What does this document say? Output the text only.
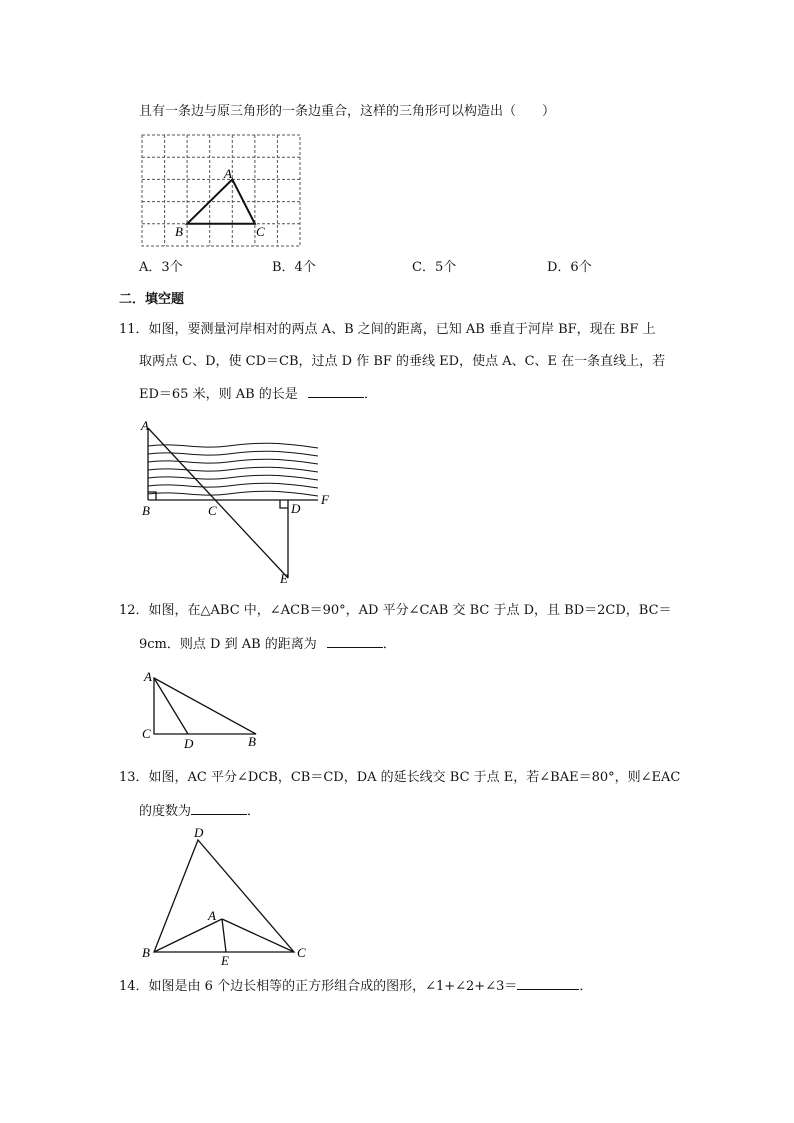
且有一条边与原三角形的一条边重合，这样的三角形可以构造出（　　）
A
B	C
A．3个	B．4个	C．5个	D．6个
二．填空题
11．如图，要测量河岸相对的两点 A、B 之间的距离，已知 AB 垂直于河岸 BF，现在 BF 上
取两点 C、D，使 CD＝CB，过点 D 作 BF 的垂线 ED，使点 A、C、E 在一条直线上，若
ED＝65 米，则 AB 的长是	．
A
B	C	D
E
F
12．如图，在△ABC 中，∠ACB＝90°，AD 平分∠CAB 交 BC 于点 D，且 BD＝2CD，BC＝
9cm．则点 D 到 AB 的距离为	．
A
C
D	B
13．如图，AC 平分∠DCB，CB＝CD，DA 的延长线交 BC 于点 E，若∠BAE＝80°，则∠EAC
的度数为	．
D
A
B
E
C
14．如图是由 6 个边长相等的正方形组合成的图形，∠1+∠2+∠3＝	．
